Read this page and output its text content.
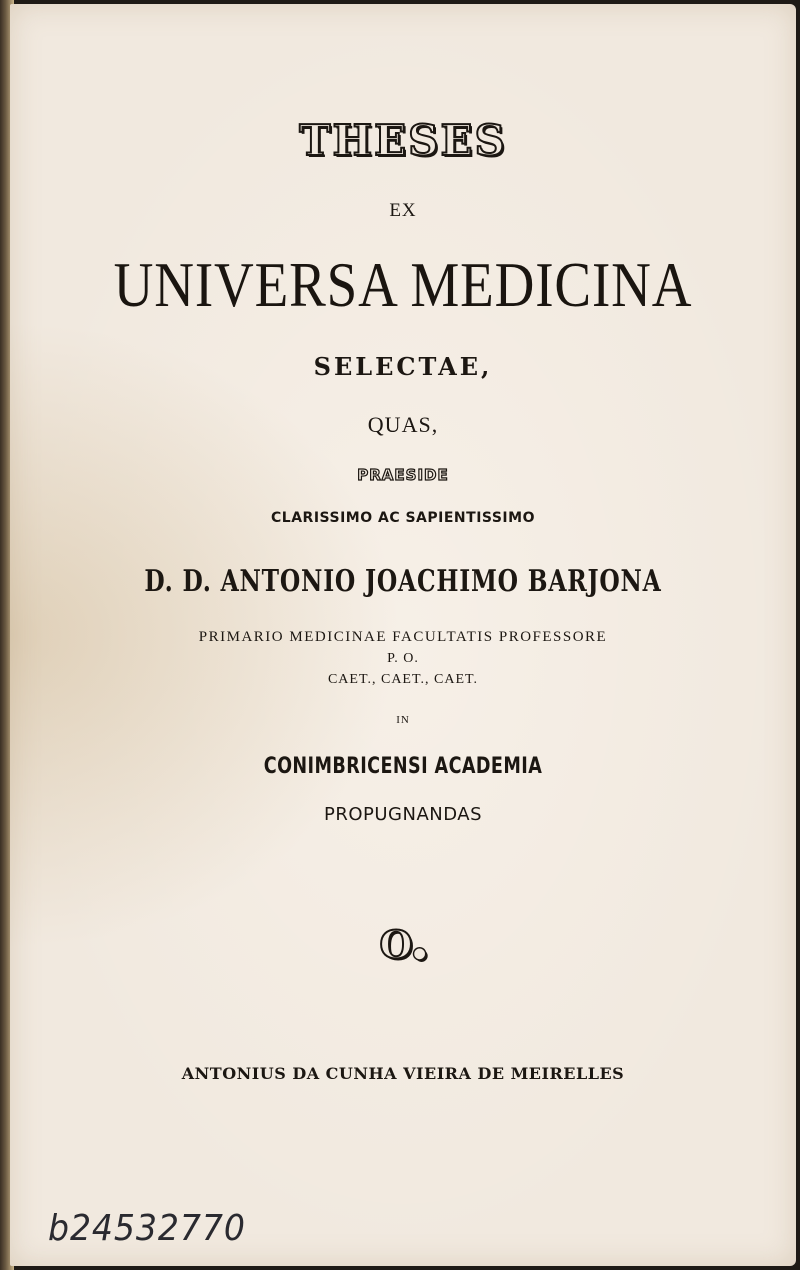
THESES
EX
UNIVERSA MEDICINA
SELECTAE,
QUAS,
PRAESIDE
CLARISSIMO AC SAPIENTISSIMO
D. D. ANTONIO JOACHIMO BARJONA
PRIMARIO MEDICINAE FACULTATIS PROFESSORE
P. O.
CAET., CAET., CAET.
IN
CONIMBRICENSI ACADEMIA
PROPUGNANDAS
O●
ANTONIUS DA CUNHA VIEIRA DE MEIRELLES
b24532770
